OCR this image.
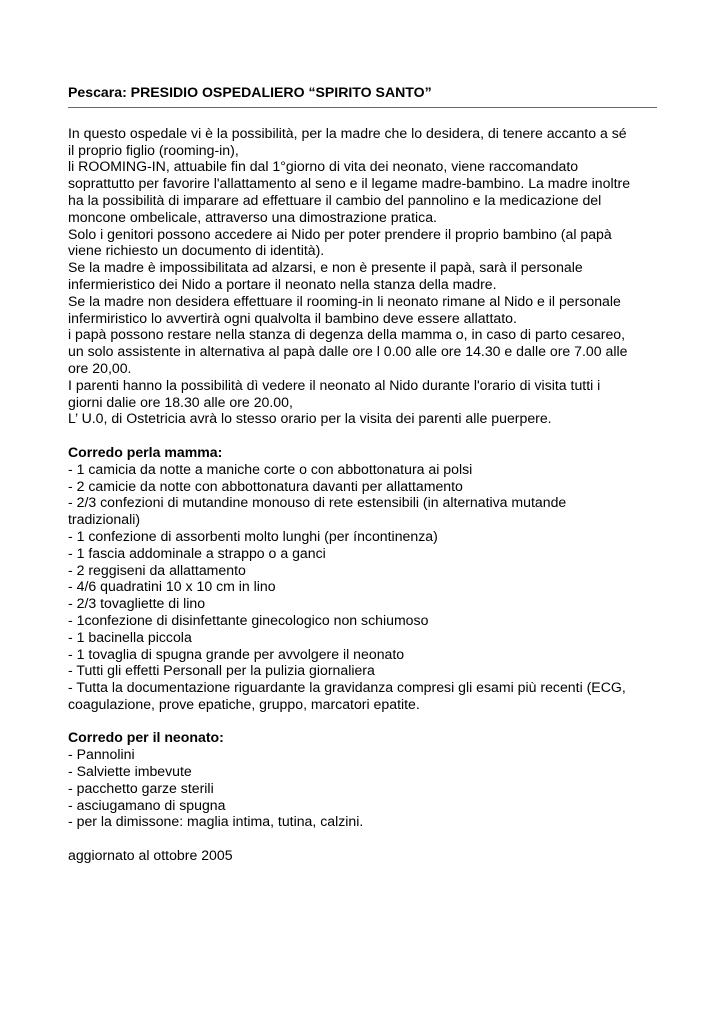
Pescara: PRESIDIO OSPEDALIERO “SPIRITO SANTO”
In questo ospedale vi è la possibilità, per la madre che lo desidera, di tenere accanto a sé
il proprio figlio (rooming-in),
li ROOMING-IN, attuabile fin dal 1°giorno di vita dei neonato, viene raccomandato
soprattutto per favorire l'allattamento al seno e il legame madre-bambino. La madre inoltre
ha la possibilità di imparare ad effettuare il cambio del pannolino e la medicazione del
moncone ombelicale, attraverso una dimostrazione pratica.
Solo i genitori possono accedere ai Nido per poter prendere il proprio bambino (al papà
viene richiesto un documento di identità).
Se la madre è impossibilitata ad alzarsi, e non è presente il papà, sarà il personale
infermieristico dei Nido a portare il neonato nella stanza della madre.
Se la madre non desidera effettuare il rooming-in li neonato rimane al Nido e il personale
infermiristico lo avvertirà ogni qualvolta il bambino deve essere allattato.
i papà possono restare nella stanza di degenza della mamma o, in caso di parto cesareo,
un solo assistente in alternativa al papà dalle ore l 0.00 alle ore 14.30 e dalle ore 7.00 alle
ore 20,00.
I parenti hanno la possibilità dì vedere il neonato al Nido durante l'orario di visita tutti i
giorni dalie ore 18.30 alle ore 20.00,
L’ U.0, di Ostetricia avrà lo stesso orario per la visita dei parenti alle puerpere.
Corredo perla mamma:
- 1 camicia da notte a maniche corte o con abbottonatura ai polsi
- 2 camicie da notte con abbottonatura davanti per allattamento
- 2/3 confezioni di mutandine monouso di rete estensibili (in alternativa mutande
tradizionali)
- 1 confezione di assorbenti molto lunghi (per íncontinenza)
- 1 fascia addominale a strappo o a ganci
- 2 reggiseni da allattamento
- 4/6 quadratini 10 x 10 cm in lino
- 2/3 tovagliette di lino
- 1confezione di disinfettante ginecologico non schiumoso
- 1 bacinella piccola
- 1 tovaglia di spugna grande per avvolgere il neonato
- Tutti gli effetti Personall per la pulizia giornaliera
- Tutta la documentazione riguardante la gravidanza compresi gli esami più recenti (ECG,
coagulazione, prove epatiche, gruppo, marcatori epatite.
Corredo per il neonato:
- Pannolini
- Salviette imbevute
- pacchetto garze sterili
- asciugamano di spugna
- per la dimissone: maglia intima, tutina, calzini.
aggiornato al ottobre 2005
